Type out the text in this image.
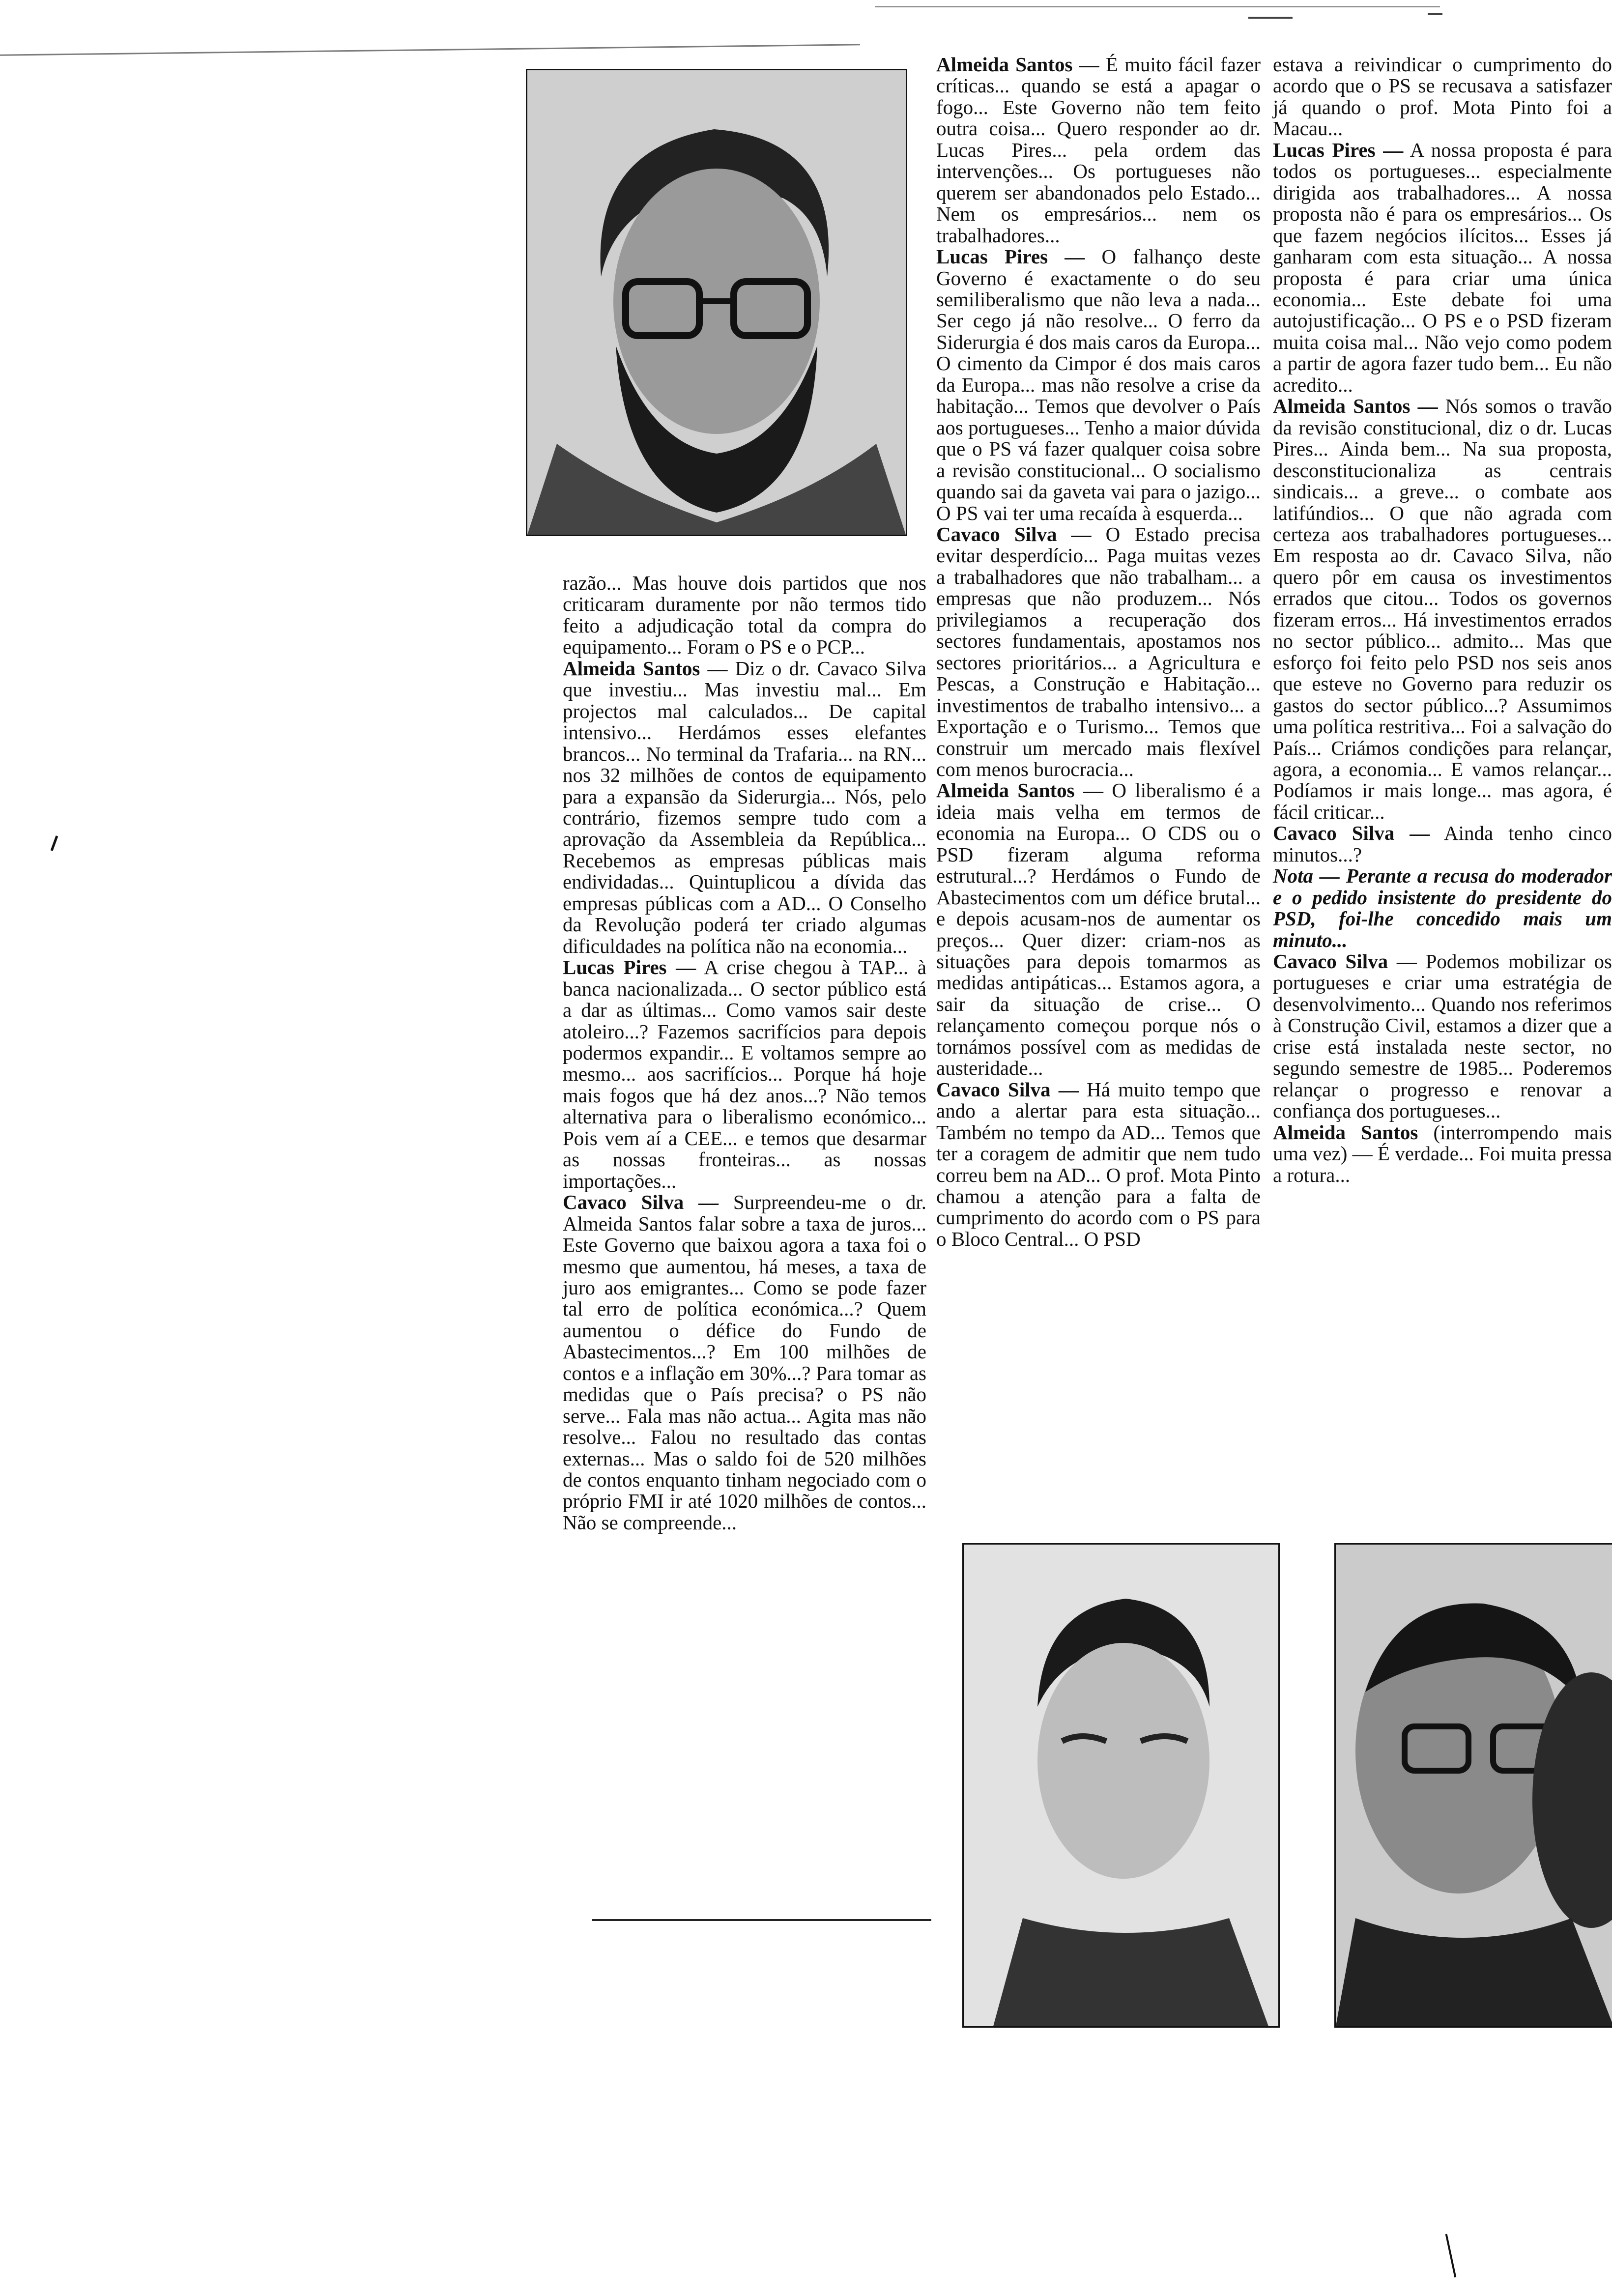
razão... Mas houve dois partidos que nos criticaram duramente por não termos tido feito a adjudicação total da compra do equipamento... Foram o PS e o PCP...

Almeida Santos — Diz o dr. Cavaco Silva que investiu... Mas investiu mal... Em projectos mal calculados... De capital intensivo... Herdámos esses elefantes brancos... No terminal da Trafaria... na RN... nos 32 milhões de contos de equipamento para a expansão da Siderurgia... Nós, pelo contrário, fizemos sempre tudo com a aprovação da Assembleia da República... Recebemos as empresas públicas mais endividadas... Quintuplicou a dívida das empresas públicas com a AD... O Conselho da Revolução poderá ter criado algumas dificuldades na política não na economia...

Lucas Pires — A crise chegou à TAP... à banca nacionalizada... O sector público está a dar as últimas... Como vamos sair deste atoleiro...? Fazemos sacrifícios para depois podermos expandir... E voltamos sempre ao mesmo... aos sacrifícios... Porque há hoje mais fogos que há dez anos...? Não temos alternativa para o liberalismo económico... Pois vem aí a CEE... e temos que desarmar as nossas fronteiras... as nossas importações...

Cavaco Silva — Surpreendeu-me o dr. Almeida Santos falar sobre a taxa de juros... Este Governo que baixou agora a taxa foi o mesmo que aumentou, há meses, a taxa de juro aos emigrantes... Como se pode fazer tal erro de política económica...? Quem aumentou o défice do Fundo de Abastecimentos...? Em 100 milhões de contos e a inflação em 30%...? Para tomar as medidas que o País precisa? o PS não serve... Fala mas não actua... Agita mas não resolve... Falou no resultado das contas externas... Mas o saldo foi de 520 milhões de contos enquanto tinham negociado com o próprio FMI ir até 1020 milhões de contos... Não se compreende...

Almeida Santos — É muito fácil fazer críticas... quando se está a apagar o fogo... Este Governo não tem feito outra coisa... Quero responder ao dr. Lucas Pires... pela ordem das intervenções... Os portugueses não querem ser abandonados pelo Estado... Nem os empresários... nem os trabalhadores...

Lucas Pires — O falhanço deste Governo é exactamente o do seu semiliberalismo que não leva a nada... Ser cego já não resolve... O ferro da Siderurgia é dos mais caros da Europa... O cimento da Cimpor é dos mais caros da Europa... mas não resolve a crise da habitação... Temos que devolver o País aos portugueses... Tenho a maior dúvida que o PS vá fazer qualquer coisa sobre a revisão constitucional... O socialismo quando sai da gaveta vai para o jazigo... O PS vai ter uma recaída à esquerda...

Cavaco Silva — O Estado precisa evitar desperdício... Paga muitas vezes a trabalhadores que não trabalham... a empresas que não produzem... Nós privilegiamos a recuperação dos sectores fundamentais, apostamos nos sectores prioritários... a Agricultura e Pescas, a Construção e Habitação... investimentos de trabalho intensivo... a Exportação e o Turismo... Temos que construir um mercado mais flexível com menos burocracia...

Almeida Santos — O liberalismo é a ideia mais velha em termos de economia na Europa... O CDS ou o PSD fizeram alguma reforma estrutural...? Herdámos o Fundo de Abastecimentos com um défice brutal... e depois acusam-nos de aumentar os preços... Quer dizer: criam-nos as situações para depois tomarmos as medidas antipáticas... Estamos agora, a sair da situação de crise... O relançamento começou porque nós o tornámos possível com as medidas de austeridade...

Cavaco Silva — Há muito tempo que ando a alertar para esta situação... Também no tempo da AD... Temos que ter a coragem de admitir que nem tudo correu bem na AD... O prof. Mota Pinto chamou a atenção para a falta de cumprimento do acordo com o PS para o Bloco Central... O PSD

estava a reivindicar o cumprimento do acordo que o PS se recusava a satisfazer já quando o prof. Mota Pinto foi a Macau...

Lucas Pires — A nossa proposta é para todos os portugueses... especialmente dirigida aos trabalhadores... A nossa proposta não é para os empresários... Os que fazem negócios ilícitos... Esses já ganharam com esta situação... A nossa proposta é para criar uma única economia... Este debate foi uma autojustificação... O PS e o PSD fizeram muita coisa mal... Não vejo como podem a partir de agora fazer tudo bem... Eu não acredito...

Almeida Santos — Nós somos o travão da revisão constitucional, diz o dr. Lucas Pires... Ainda bem... Na sua proposta, desconstitucionaliza as centrais sindicais... a greve... o combate aos latifúndios... O que não agrada com certeza aos trabalhadores portugueses... Em resposta ao dr. Cavaco Silva, não quero pôr em causa os investimentos errados que citou... Todos os governos fizeram erros... Há investimentos errados no sector público... admito... Mas que esforço foi feito pelo PSD nos seis anos que esteve no Governo para reduzir os gastos do sector público...? Assumimos uma política restritiva... Foi a salvação do País... Criámos condições para relançar, agora, a economia... E vamos relançar... Podíamos ir mais longe... mas agora, é fácil criticar...

Cavaco Silva — Ainda tenho cinco minutos...?

Nota — Perante a recusa do moderador e o pedido insistente do presidente do PSD, foi-lhe concedido mais um minuto...

Cavaco Silva — Podemos mobilizar os portugueses e criar uma estratégia de desenvolvimento... Quando nos referimos à Construção Civil, estamos a dizer que a crise está instalada neste sector, no segundo semestre de 1985... Poderemos relançar o progresso e renovar a confiança dos portugueses...

Almeida Santos (interrompendo mais uma vez) — É verdade... Foi muita pressa a rotura...
